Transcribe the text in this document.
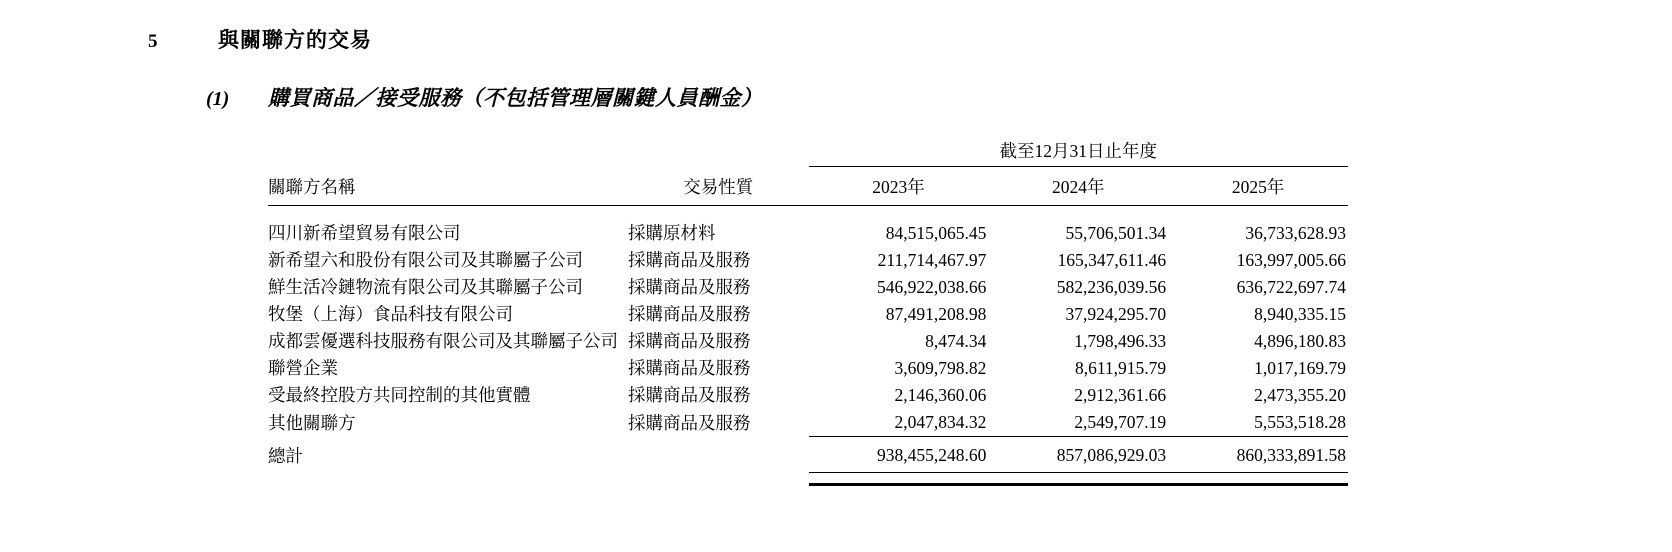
5	與關聯方的交易
(1)	購買商品／接受服務（不包括管理層關鍵人員酬金）
		截至12月31日止年度		
關聯方名稱	交易性質	2023年	2024年	2025年

四川新希望貿易有限公司	採購原材料	84,515,065.45	55,706,501.34	36,733,628.93
新希望六和股份有限公司及其聯屬子公司	採購商品及服務	211,714,467.97	165,347,611.46	163,997,005.66
鮮生活冷鏈物流有限公司及其聯屬子公司	採購商品及服務	546,922,038.66	582,236,039.56	636,722,697.74
牧堡（上海）食品科技有限公司	採購商品及服務	87,491,208.98	37,924,295.70	8,940,335.15
成都雲優選科技服務有限公司及其聯屬子公司	採購商品及服務	8,474.34	1,798,496.33	4,896,180.83
聯營企業	採購商品及服務	3,609,798.82	8,611,915.79	1,017,169.79
受最終控股方共同控制的其他實體	採購商品及服務	2,146,360.06	2,912,361.66	2,473,355.20
其他關聯方	採購商品及服務	2,047,834.32	2,549,707.19	5,553,518.28
總計		938,455,248.60	857,086,929.03	860,333,891.58
